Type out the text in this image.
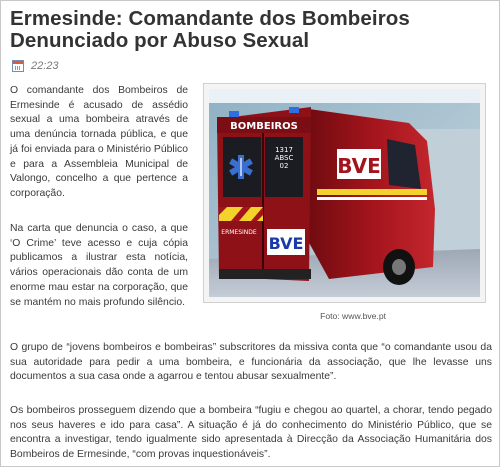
Ermesinde: Comandante dos Bombeiros Denunciado por Abuso Sexual
22:23

O comandante dos Bombeiros de Ermesinde é acusado de assédio sexual a uma bombeira através de uma denúncia tornada pública, e que já foi enviada para o Ministério Público e para a Assembleia Municipal de Valongo, concelho a que pertence a corporação.

Na carta que denuncia o caso, a que ‘O Crime’ teve acesso e cuja cópia publicamos a ilustrar esta notícia, vários operacionais dão conta de um enorme mau estar na corporação, que se mantém no mais profundo silêncio.

BOMBEIROS
1317
ABSC
02
ERMESINDE
BVE
BVE
Foto: www.bve.pt

O grupo de “jovens bombeiros e bombeiras” subscritores da missiva conta que “o comandante usou da sua autoridade para pedir a uma bombeira, e funcionária da associação, que lhe levasse uns documentos a sua casa onde a agarrou e tentou abusar sexualmente”.

Os bombeiros prosseguem dizendo que a bombeira “fugiu e chegou ao quartel, a chorar, tendo pegado nos seus haveres e ido para casa”. A situação é já do conhecimento do Ministério Público, que se encontra a investigar, tendo igualmente sido apresentada à Direcção da Associação Humanitária dos Bombeiros de Ermesinde, “com provas inquestionáveis”.
